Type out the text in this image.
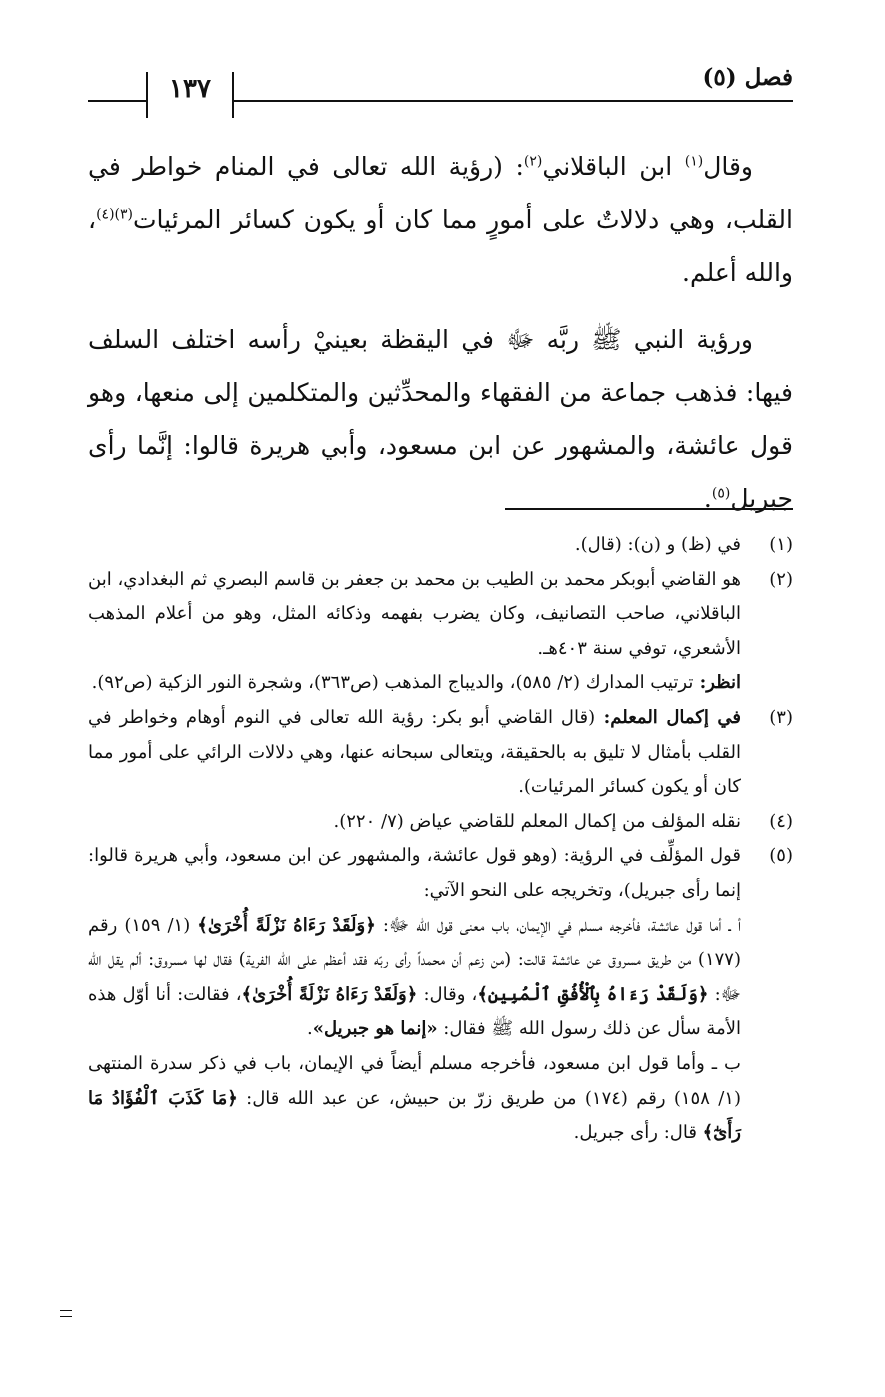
فصل (٥)
١٣٧

وقال$^{(١)}$ ابن الباقلاني$^{(٢)}$: (رؤية الله تعالى في المنام خواطر في القلب، وهي دلالاتٌ على أمورٍ مما كان أو يكون كسائر المرئيات$^{(٣)(٤)}$، والله أعلم.

ورؤية النبي ﷺ ربَّه ﷻ في اليقظة بعينيْ رأسه اختلف السلف فيها: فذهب جماعة من الفقهاء والمحدِّثين والمتكلمين إلى منعها، وهو قول عائشة، والمشهور عن ابن مسعود، وأبي هريرة قالوا: إنَّما رأى جبريل$^{(٥)}$.

(١)
في (ظ) و (ن): (قال).
(٢)
هو القاضي أبوبكر محمد بن الطيب بن محمد بن جعفر بن قاسم البصري ثم البغدادي، ابن الباقلاني، صاحب التصانيف، وكان يضرب بفهمه وذكائه المثل، وهو من أعلام المذهب الأشعري، توفي سنة ٤٠٣هـ.
انظر: ترتيب المدارك (٢/ ٥٨٥)، والديباج المذهب (ص٣٦٣)، وشجرة النور الزكية (ص٩٢).
(٣)
في إكمال المعلم: (قال القاضي أبو بكر: رؤية الله تعالى في النوم أوهام وخواطر في القلب بأمثال لا تليق به بالحقيقة، ويتعالى سبحانه عنها، وهي دلالات الرائي على أمور مما كان أو يكون كسائر المرئيات).
(٤)
نقله المؤلف من إكمال المعلم للقاضي عياض (٧/ ٢٢٠).
(٥)
قول المؤلِّف في الرؤية: (وهو قول عائشة، والمشهور عن ابن مسعود، وأبي هريرة قالوا: إنما رأى جبريل)، وتخريجه على النحو الآتي:
أ ـ أما قول عائشة، فأخرجه مسلم في الإيمان، باب معنى قول الله ﷻ: ﴿وَلَقَدْ رَءَاهُ نَزْلَةً أُخْرَىٰ﴾ (١/ ١٥٩) رقم (١٧٧) من طريق مسروق عن عائشة قالت: (من زعم أن محمداً رأى ربّه فقد أعظم على الله الفرية) فقال لها مسروق: ألم يقل الله ﷻ: ﴿وَلَقَدْ رَءَاهُ بِٱلْأُفُقِ ٱلْمُبِينِ﴾، وقال: ﴿وَلَقَدْ رَءَاهُ نَزْلَةً أُخْرَىٰ﴾، فقالت: أنا أوّل هذه الأمة سأل عن ذلك رسول الله ﷺ فقال: «إنما هو جبريل».
ب ـ وأما قول ابن مسعود، فأخرجه مسلم أيضاً في الإيمان، باب في ذكر سدرة المنتهى (١/ ١٥٨) رقم (١٧٤) من طريق زرّ بن حبيش، عن عبد الله قال: ﴿مَا كَذَبَ ٱلْفُؤَادُ مَا رَأَىٰٓ﴾ قال: رأى جبريل.
